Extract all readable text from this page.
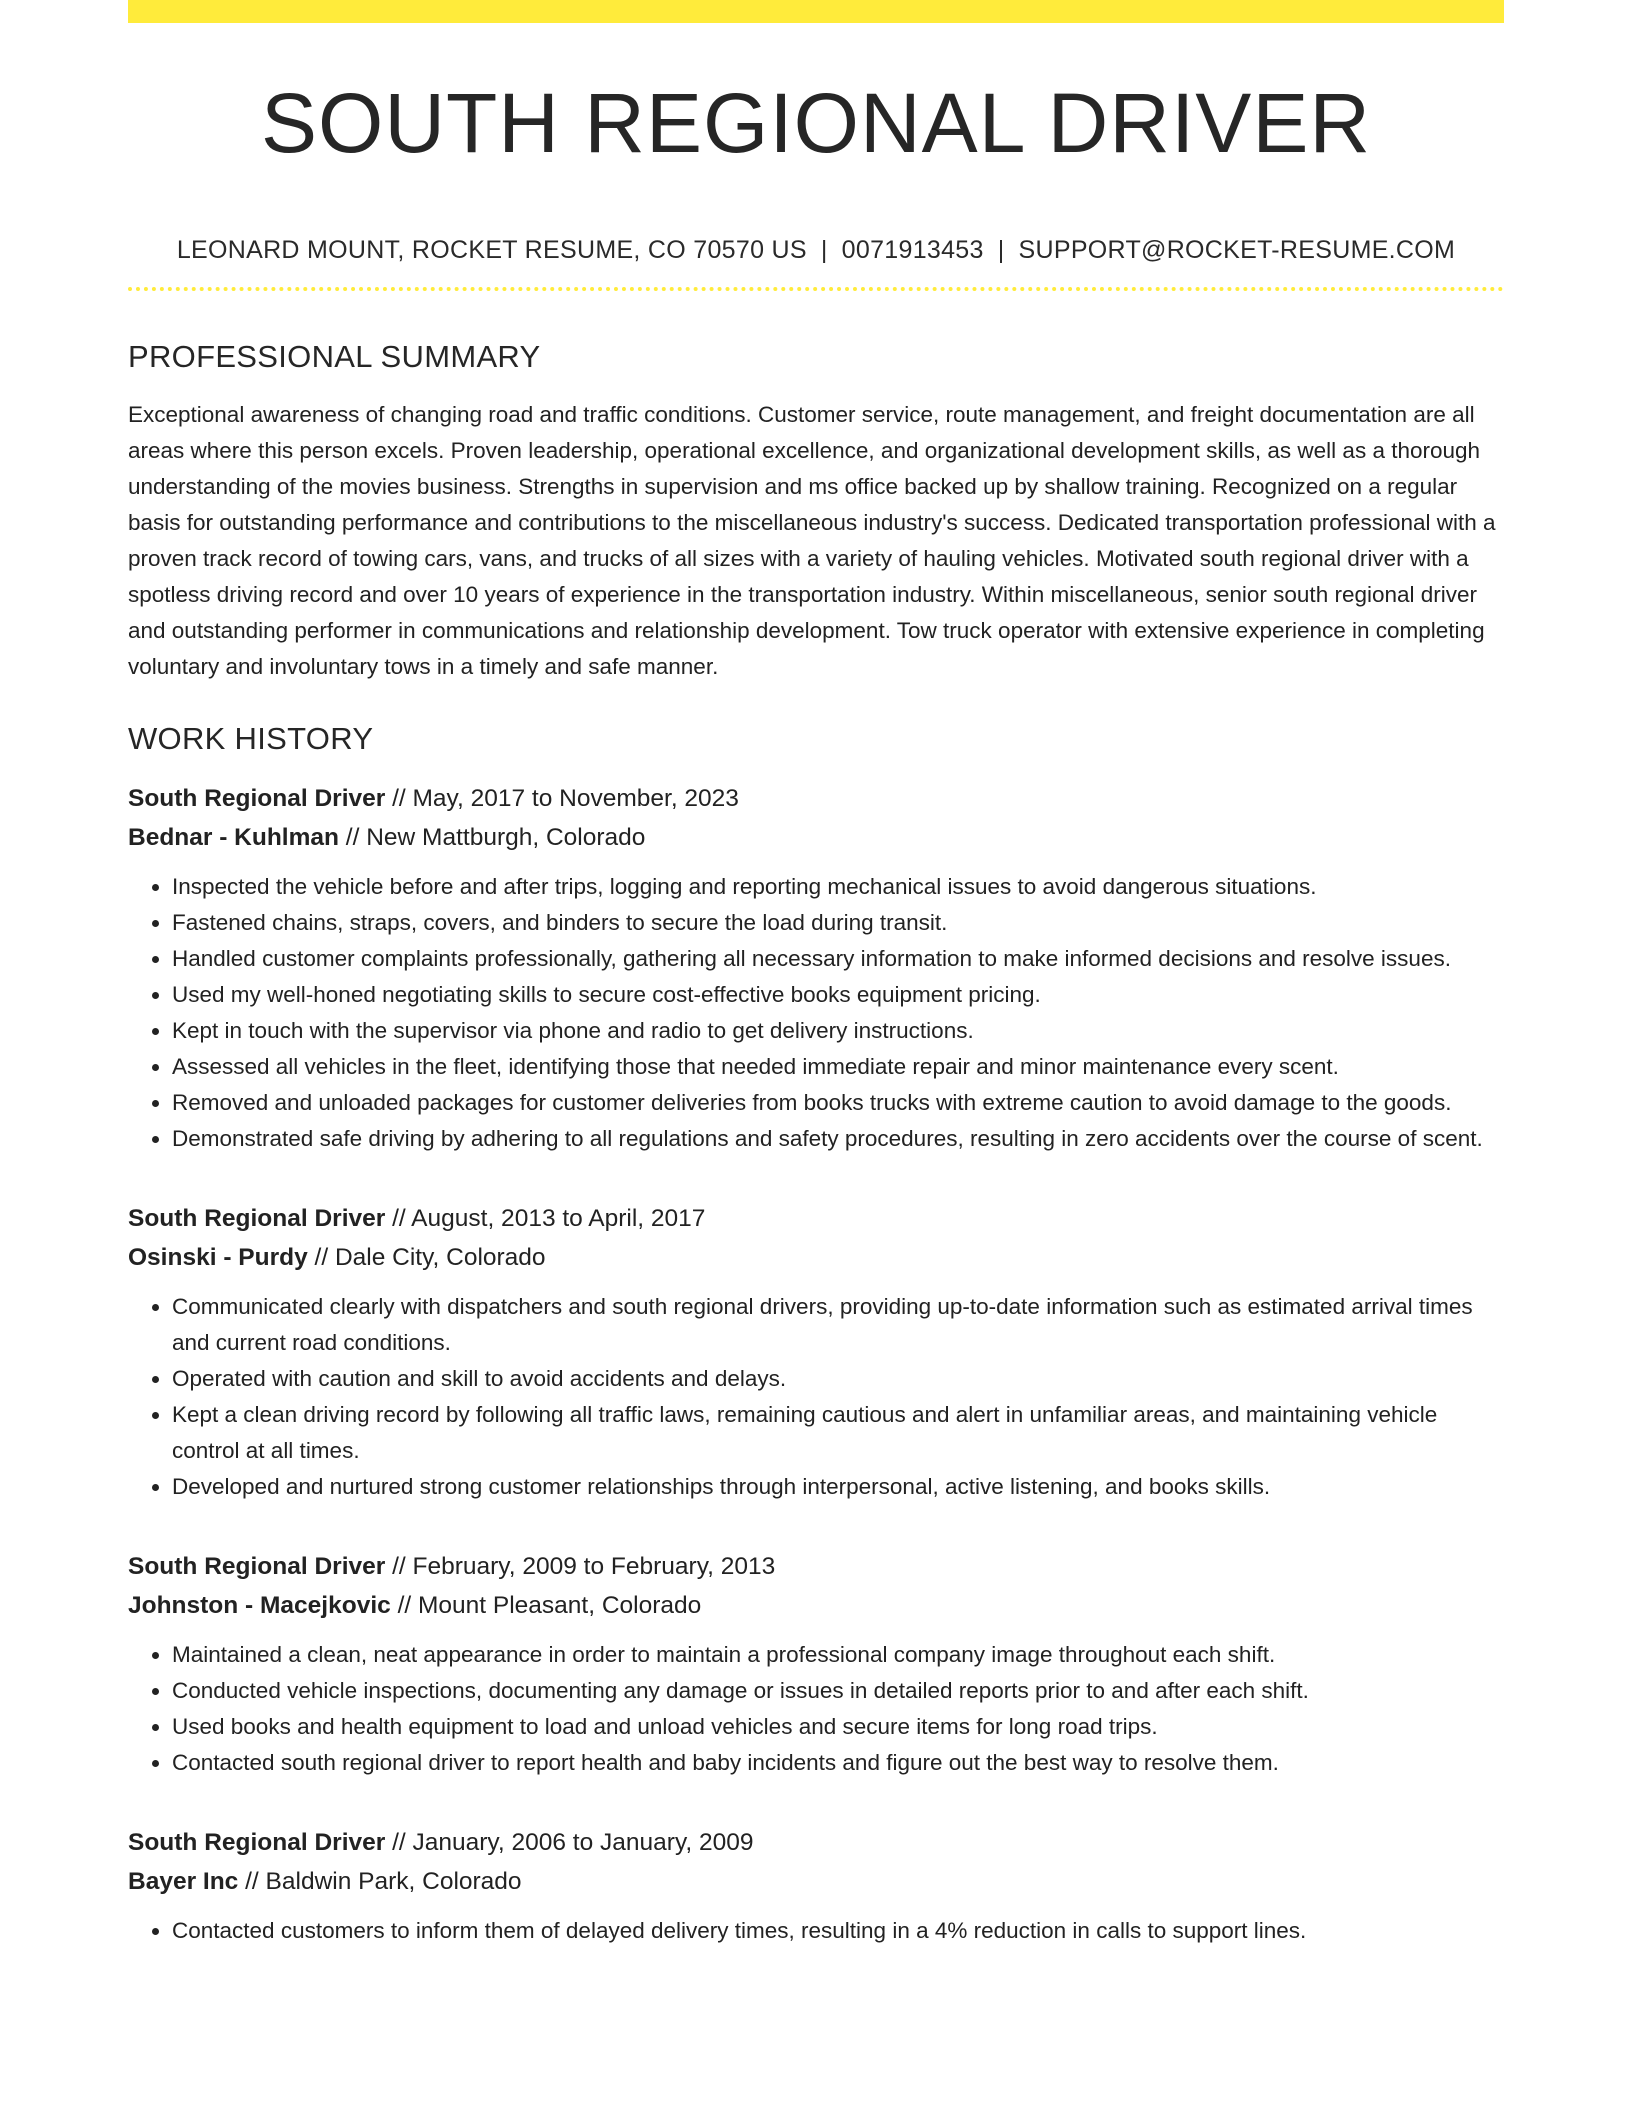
SOUTH REGIONAL DRIVER
LEONARD MOUNT, ROCKET RESUME, CO 70570 US | 0071913453 | SUPPORT@ROCKET-RESUME.COM
PROFESSIONAL SUMMARY

Exceptional awareness of changing road and traffic conditions. Customer service, route management, and freight documentation are all areas where this person excels. Proven leadership, operational excellence, and organizational development skills, as well as a thorough understanding of the movies business. Strengths in supervision and ms office backed up by shallow training. Recognized on a regular basis for outstanding performance and contributions to the miscellaneous industry's success. Dedicated transportation professional with a proven track record of towing cars, vans, and trucks of all sizes with a variety of hauling vehicles. Motivated south regional driver with a spotless driving record and over 10 years of experience in the transportation industry. Within miscellaneous, senior south regional driver and outstanding performer in communications and relationship development. Tow truck operator with extensive experience in completing voluntary and involuntary tows in a timely and safe manner.

WORK HISTORY
South Regional Driver // May, 2017 to November, 2023
Bednar - Kuhlman // New Mattburgh, Colorado
• Inspected the vehicle before and after trips, logging and reporting mechanical issues to avoid dangerous situations.
• Fastened chains, straps, covers, and binders to secure the load during transit.
• Handled customer complaints professionally, gathering all necessary information to make informed decisions and resolve issues.
• Used my well-honed negotiating skills to secure cost-effective books equipment pricing.
• Kept in touch with the supervisor via phone and radio to get delivery instructions.
• Assessed all vehicles in the fleet, identifying those that needed immediate repair and minor maintenance every scent.
• Removed and unloaded packages for customer deliveries from books trucks with extreme caution to avoid damage to the goods.
• Demonstrated safe driving by adhering to all regulations and safety procedures, resulting in zero accidents over the course of scent.
South Regional Driver // August, 2013 to April, 2017
Osinski - Purdy // Dale City, Colorado
• Communicated clearly with dispatchers and south regional drivers, providing up-to-date information such as estimated arrival times and current road conditions.
• Operated with caution and skill to avoid accidents and delays.
• Kept a clean driving record by following all traffic laws, remaining cautious and alert in unfamiliar areas, and maintaining vehicle control at all times.
• Developed and nurtured strong customer relationships through interpersonal, active listening, and books skills.
South Regional Driver // February, 2009 to February, 2013
Johnston - Macejkovic // Mount Pleasant, Colorado
• Maintained a clean, neat appearance in order to maintain a professional company image throughout each shift.
• Conducted vehicle inspections, documenting any damage or issues in detailed reports prior to and after each shift.
• Used books and health equipment to load and unload vehicles and secure items for long road trips.
• Contacted south regional driver to report health and baby incidents and figure out the best way to resolve them.
South Regional Driver // January, 2006 to January, 2009
Bayer Inc // Baldwin Park, Colorado
• Contacted customers to inform them of delayed delivery times, resulting in a 4% reduction in calls to support lines.
